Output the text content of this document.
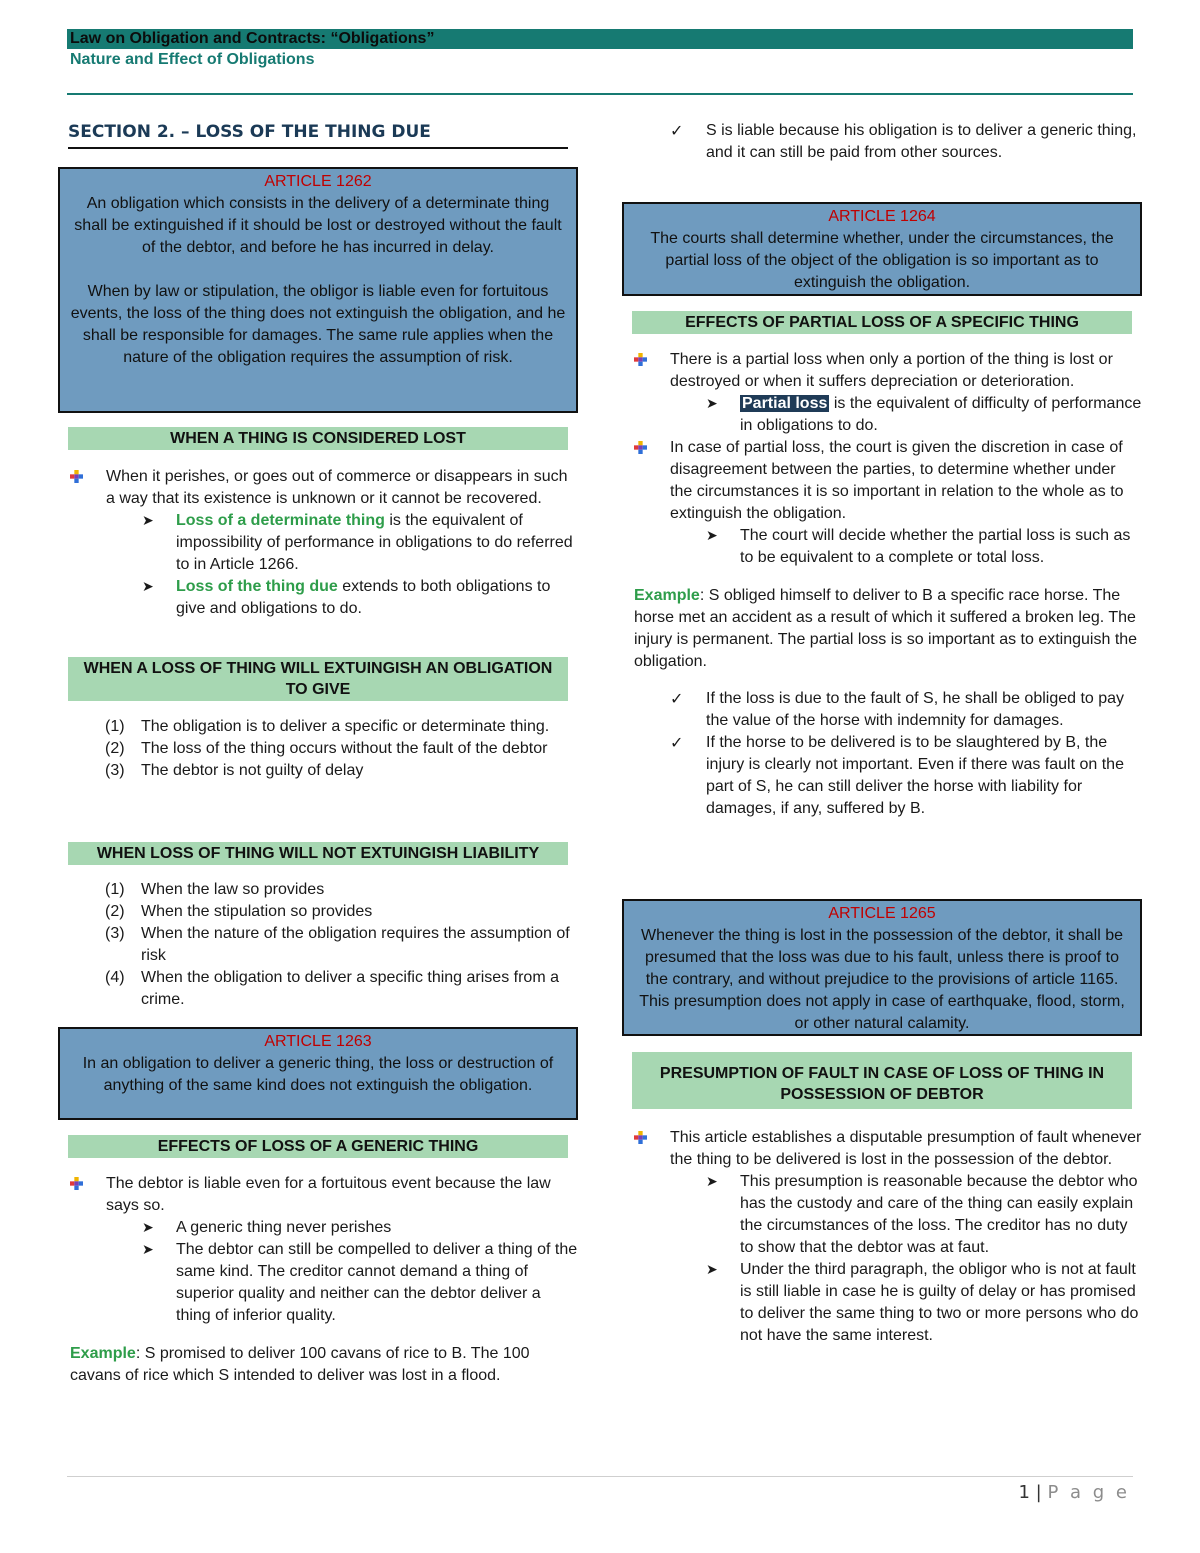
Law on Obligation and Contracts: “Obligations”
Nature and Effect of Obligations
SECTION 2. – LOSS OF THE THING DUE
ARTICLE 1262
An obligation which consists in the delivery of a determinate thing shall be extinguished if it should be lost or destroyed without the fault of the debtor, and before he has incurred in delay.
When by law or stipulation, the obligor is liable even for fortuitous events, the loss of the thing does not extinguish the obligation, and he shall be responsible for damages. The same rule applies when the nature of the obligation requires the assumption of risk.
WHEN A THING IS CONSIDERED LOST
When it perishes, or goes out of commerce or disappears in such a way that its existence is unknown or it cannot be recovered.
➤ Loss of a determinate thing is the equivalent of impossibility of performance in obligations to do referred to in Article 1266.
➤ Loss of the thing due extends to both obligations to give and obligations to do.
WHEN A LOSS OF THING WILL EXTUINGISH AN OBLIGATION TO GIVE
(1) The obligation is to deliver a specific or determinate thing.
(2) The loss of the thing occurs without the fault of the debtor
(3) The debtor is not guilty of delay
WHEN LOSS OF THING WILL NOT EXTUINGISH LIABILITY
(1) When the law so provides
(2) When the stipulation so provides
(3) When the nature of the obligation requires the assumption of risk
(4) When the obligation to deliver a specific thing arises from a crime.
ARTICLE 1263
In an obligation to deliver a generic thing, the loss or destruction of anything of the same kind does not extinguish the obligation.
EFFECTS OF LOSS OF A GENERIC THING
The debtor is liable even for a fortuitous event because the law says so.
➤ A generic thing never perishes
➤ The debtor can still be compelled to deliver a thing of the same kind. The creditor cannot demand a thing of superior quality and neither can the debtor deliver a thing of inferior quality.
Example: S promised to deliver 100 cavans of rice to B. The 100 cavans of rice which S intended to deliver was lost in a flood.
✓ S is liable because his obligation is to deliver a generic thing, and it can still be paid from other sources.
ARTICLE 1264
The courts shall determine whether, under the circumstances, the partial loss of the object of the obligation is so important as to extinguish the obligation.
EFFECTS OF PARTIAL LOSS OF A SPECIFIC THING
There is a partial loss when only a portion of the thing is lost or destroyed or when it suffers depreciation or deterioration.
➤ Partial loss is the equivalent of difficulty of performance in obligations to do.
In case of partial loss, the court is given the discretion in case of disagreement between the parties, to determine whether under the circumstances it is so important in relation to the whole as to extinguish the obligation.
➤ The court will decide whether the partial loss is such as to be equivalent to a complete or total loss.
Example: S obliged himself to deliver to B a specific race horse. The horse met an accident as a result of which it suffered a broken leg. The injury is permanent. The partial loss is so important as to extinguish the obligation.
✓ If the loss is due to the fault of S, he shall be obliged to pay the value of the horse with indemnity for damages.
✓ If the horse to be delivered is to be slaughtered by B, the injury is clearly not important. Even if there was fault on the part of S, he can still deliver the horse with liability for damages, if any, suffered by B.
ARTICLE 1265
Whenever the thing is lost in the possession of the debtor, it shall be presumed that the loss was due to his fault, unless there is proof to the contrary, and without prejudice to the provisions of article 1165. This presumption does not apply in case of earthquake, flood, storm, or other natural calamity.
PRESUMPTION OF FAULT IN CASE OF LOSS OF THING IN POSSESSION OF DEBTOR
This article establishes a disputable presumption of fault whenever the thing to be delivered is lost in the possession of the debtor.
➤ This presumption is reasonable because the debtor who has the custody and care of the thing can easily explain the circumstances of the loss. The creditor has no duty to show that the debtor was at faut.
➤ Under the third paragraph, the obligor who is not at fault is still liable in case he is guilty of delay or has promised to deliver the same thing to two or more persons who do not have the same interest.
1 | P a g e
